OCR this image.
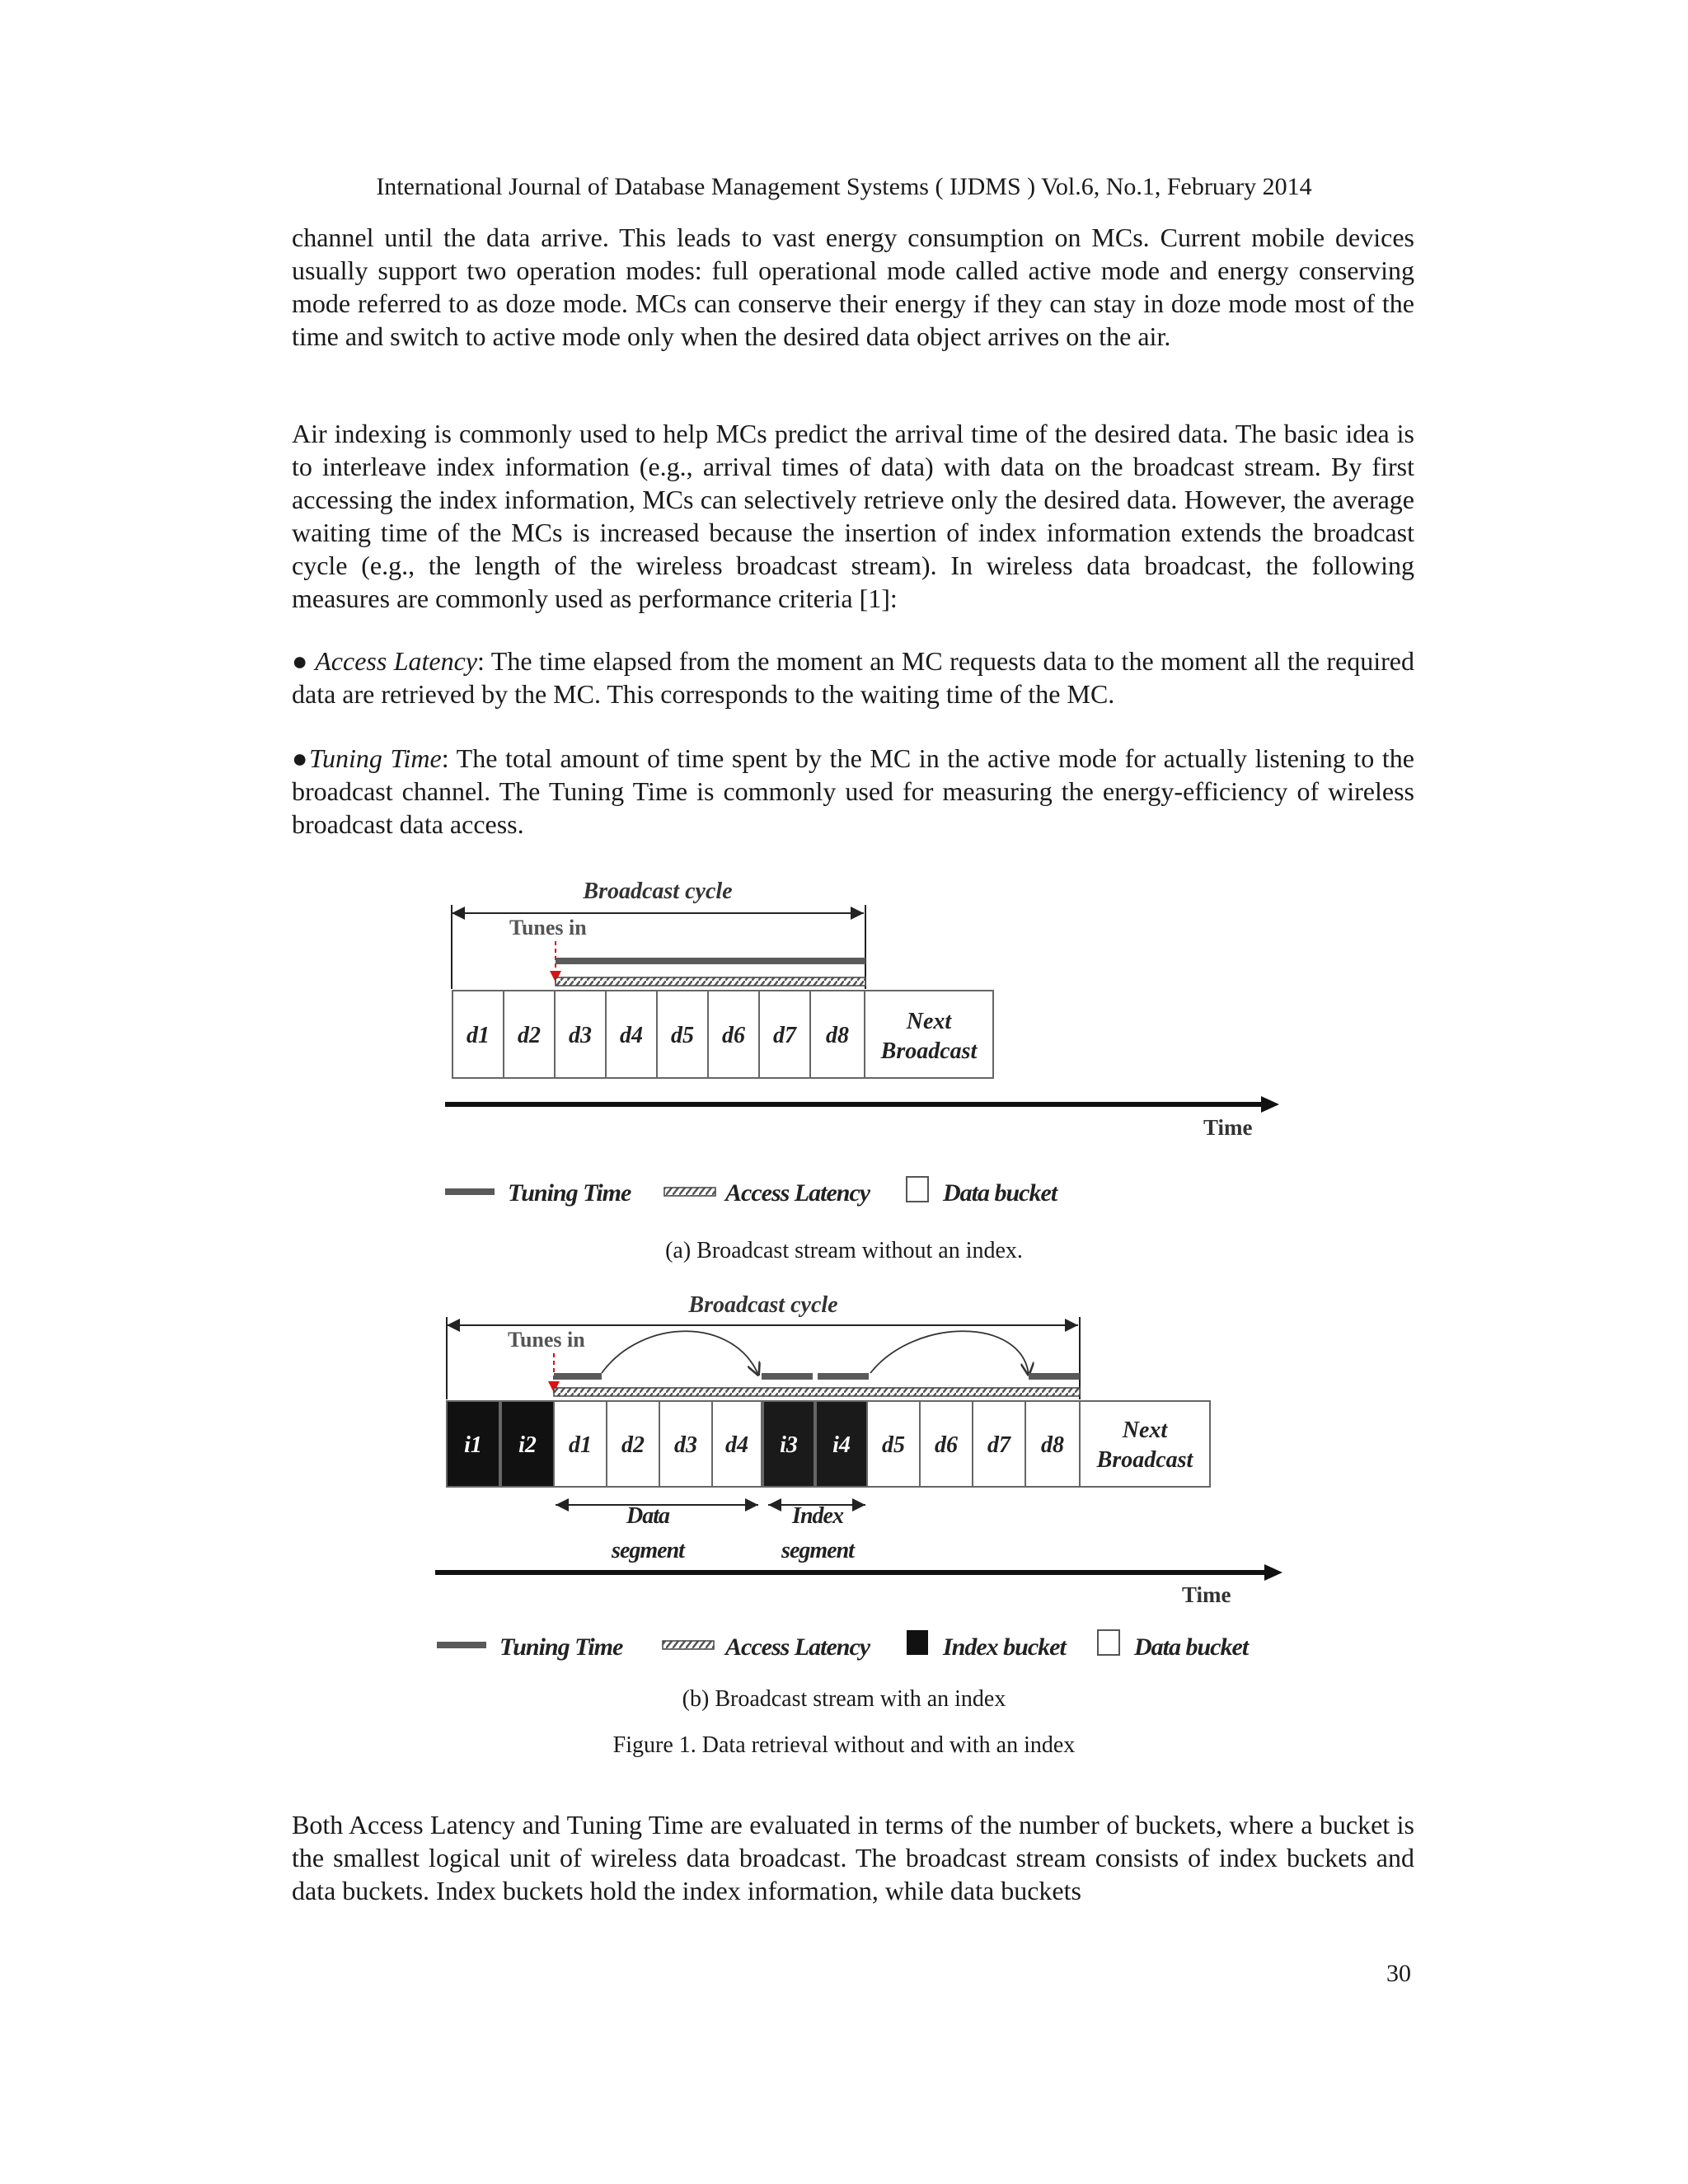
International Journal of Database Management Systems ( IJDMS ) Vol.6, No.1, February 2014

channel until the data arrive. This leads to vast energy consumption on MCs. Current mobile devices usually support two operation modes: full operational mode called active mode and energy conserving mode referred to as doze mode. MCs can conserve their energy if they can stay in doze mode most of the time and switch to active mode only when the desired data object arrives on the air.

Air indexing is commonly used to help MCs predict the arrival time of the desired data. The basic idea is to interleave index information (e.g., arrival times of data) with data on the broadcast stream. By first accessing the index information, MCs can selectively retrieve only the desired data. However, the average waiting time of the MCs is increased because the insertion of index information extends the broadcast cycle (e.g., the length of the wireless broadcast stream). In wireless data broadcast, the following measures are commonly used as performance criteria [1]:

● Access Latency: The time elapsed from the moment an MC requests data to the moment all the required data are retrieved by the MC. This corresponds to the waiting time of the MC.

●Tuning Time: The total amount of time spent by the MC in the active mode for actually listening to the broadcast channel. The Tuning Time is commonly used for measuring the energy-efficiency of wireless broadcast data access.

Broadcast cycle
Tunes in
d1 d2 d3 d4 d5 d6 d7 d8
Next
Broadcast
Time
Tuning Time	Access Latency	Data bucket
(a) Broadcast stream without an index.
Broadcast cycle
Tunes in
i1 i2 d1 d2 d3 d4 i3 i4 d5 d6 d7 d8
Next
Broadcast
Data
segment
Index
segment
Time
Tuning Time	Access Latency	Index bucket	Data bucket
(b) Broadcast stream with an index
Figure 1. Data retrieval without and with an index

Both Access Latency and Tuning Time are evaluated in terms of the number of buckets, where a bucket is the smallest logical unit of wireless data broadcast. The broadcast stream consists of index buckets and data buckets. Index buckets hold the index information, while data buckets

30
